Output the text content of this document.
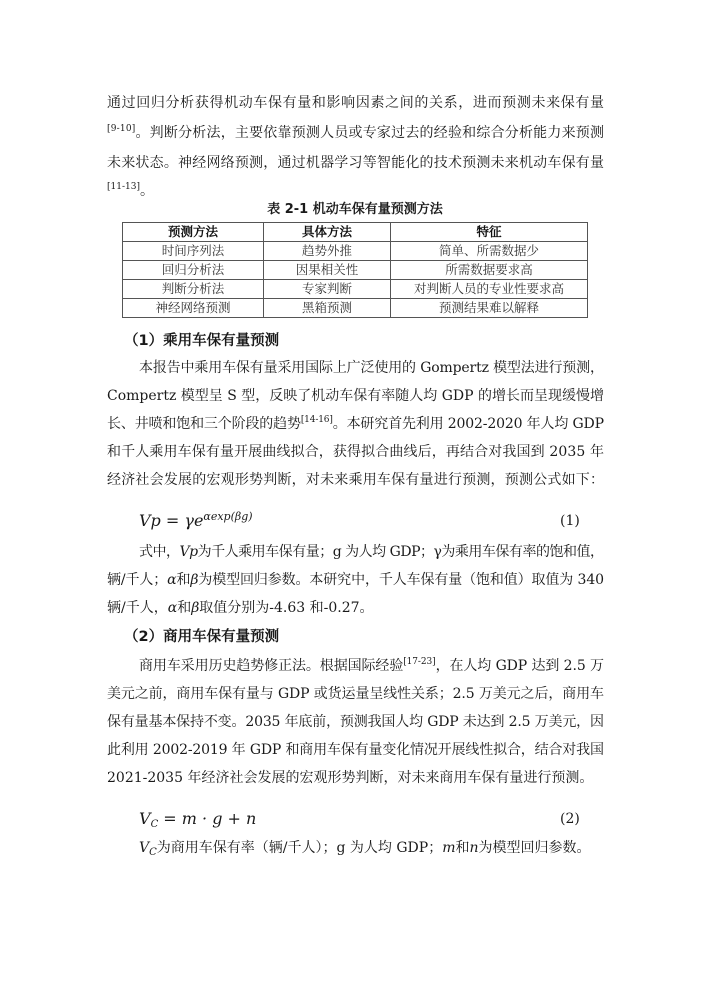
表 2-1 机动车保有量预测方法
预测方法	具体方法	特征
时间序列法	趋势外推	简单、所需数据少
回归分析法	因果相关性	所需数据要求高
判断分析法	专家判断	对判断人员的专业性要求高
神经网络预测	黑箱预测	预测结果难以解释
（1）乘用车保有量预测
（2）商用车保有量预测
$Vp = \gamma e^{\alpha exp(\beta g)}$	(1)
$V_C = m \cdot g + n$	(2)
通过回归分析获得机动车保有量和影响因素之间的关系，进而预测未来保有量
[9-10]。判断分析法，主要依靠预测人员或专家过去的经验和综合分析能力来预测
未来状态。神经网络预测，通过机器学习等智能化的技术预测未来机动车保有量
[11-13]。
本报告中乘用车保有量采用国际上广泛使用的 Gompertz 模型法进行预测，
Compertz 模型呈 S 型，反映了机动车保有率随人均 GDP 的增长而呈现缓慢增
长、井喷和饱和三个阶段的趋势[14-16]。本研究首先利用 2002-2020 年人均 GDP
和千人乘用车保有量开展曲线拟合，获得拟合曲线后，再结合对我国到 2035 年
经济社会发展的宏观形势判断，对未来乘用车保有量进行预测，预测公式如下：
式中，Vp为千人乘用车保有量；g 为人均 GDP；γ为乘用车保有率的饱和值，
辆/千人；α和β为模型回归参数。本研究中，千人车保有量（饱和值）取值为 340
辆/千人，α和β取值分别为-4.63 和-0.27。
商用车采用历史趋势修正法。根据国际经验[17-23]，在人均 GDP 达到 2.5 万
美元之前，商用车保有量与 GDP 或货运量呈线性关系；2.5 万美元之后，商用车
保有量基本保持不变。2035 年底前，预测我国人均 GDP 未达到 2.5 万美元，因
此利用 2002-2019 年 GDP 和商用车保有量变化情况开展线性拟合，结合对我国
2021-2035 年经济社会发展的宏观形势判断，对未来商用车保有量进行预测。
$V_C$为商用车保有率（辆/千人）；g 为人均 GDP；m和n为模型回归参数。
